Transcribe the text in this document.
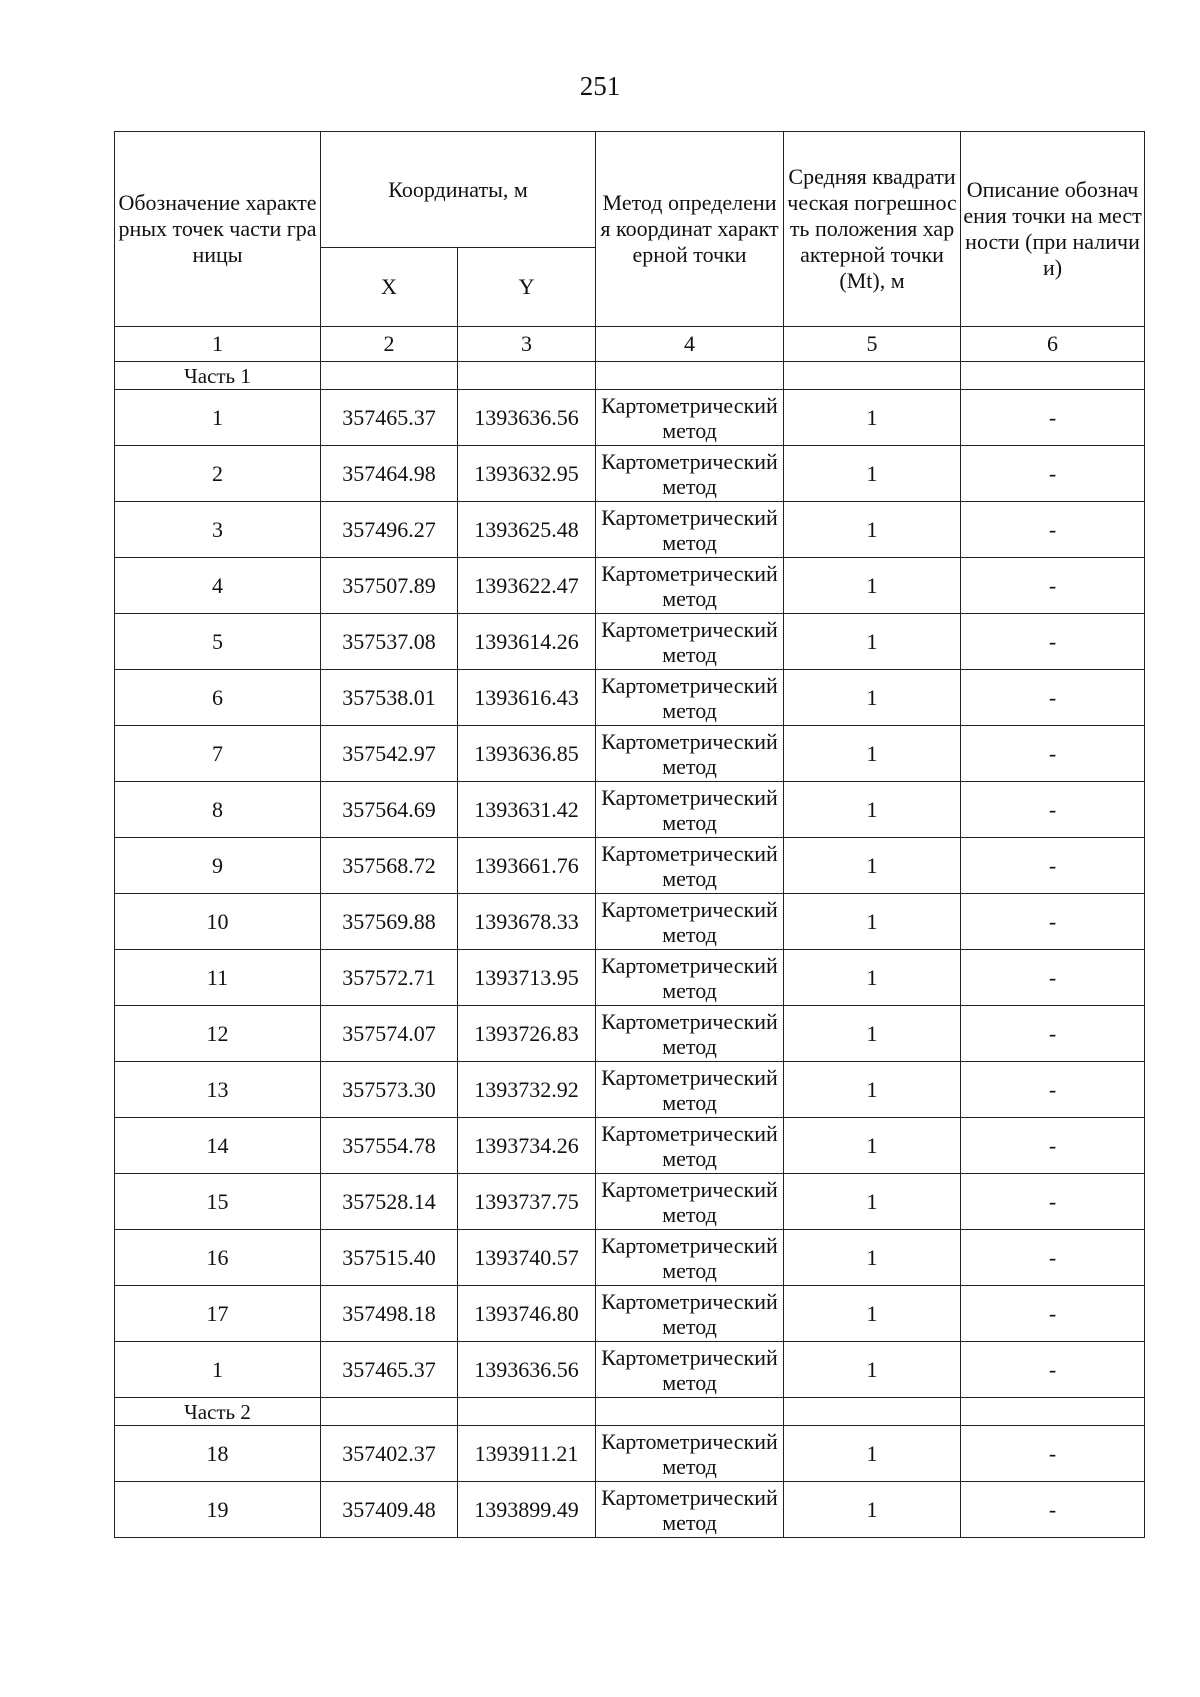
251
Обозначение характерных точек части границы	Координаты, м		Метод определения координат характерной точки	Средняя квадратическая погрешность положения характерной точки (Mt), м	Описание обозначения точки на местности (при наличии)
	X	Y			
1	2	3	4	5	6
Часть 1					
1	357465.37	1393636.56	Картометрический метод	1	-
2	357464.98	1393632.95	Картометрический метод	1	-
3	357496.27	1393625.48	Картометрический метод	1	-
4	357507.89	1393622.47	Картометрический метод	1	-
5	357537.08	1393614.26	Картометрический метод	1	-
6	357538.01	1393616.43	Картометрический метод	1	-
7	357542.97	1393636.85	Картометрический метод	1	-
8	357564.69	1393631.42	Картометрический метод	1	-
9	357568.72	1393661.76	Картометрический метод	1	-
10	357569.88	1393678.33	Картометрический метод	1	-
11	357572.71	1393713.95	Картометрический метод	1	-
12	357574.07	1393726.83	Картометрический метод	1	-
13	357573.30	1393732.92	Картометрический метод	1	-
14	357554.78	1393734.26	Картометрический метод	1	-
15	357528.14	1393737.75	Картометрический метод	1	-
16	357515.40	1393740.57	Картометрический метод	1	-
17	357498.18	1393746.80	Картометрический метод	1	-
1	357465.37	1393636.56	Картометрический метод	1	-
Часть 2					
18	357402.37	1393911.21	Картометрический метод	1	-
19	357409.48	1393899.49	Картометрический метод	1	-
